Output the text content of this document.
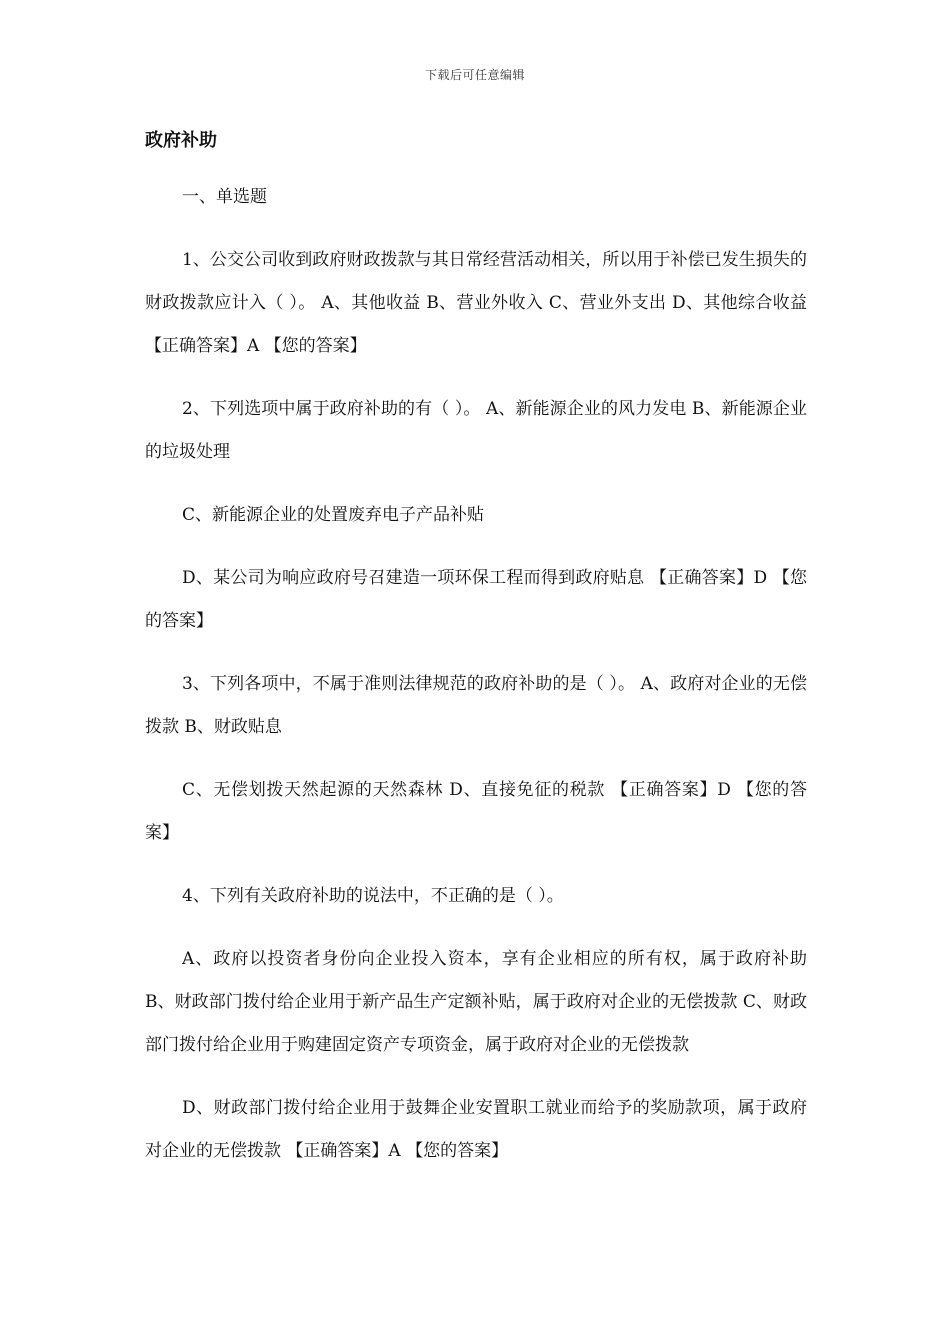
下载后可任意编辑
政府补助

一、单选题

1、公交公司收到政府财政拨款与其日常经营活动相关，所以用于补偿已发生损失的财政拨款应计入（ ）。 A、其他收益 B、营业外收入 C、营业外支出 D、其他综合收益 【正确答案】A 【您的答案】

2、下列选项中属于政府补助的有（ ）。 A、新能源企业的风力发电 B、新能源企业的垃圾处理

C、新能源企业的处置废弃电子产品补贴

D、某公司为响应政府号召建造一项环保工程而得到政府贴息 【正确答案】D 【您的答案】

3、下列各项中，不属于准则法律规范的政府补助的是（ ）。 A、政府对企业的无偿拨款 B、财政贴息

C、无偿划拨天然起源的天然森林 D、直接免征的税款 【正确答案】D 【您的答案】

4、下列有关政府补助的说法中，不正确的是（ ）。

A、政府以投资者身份向企业投入资本，享有企业相应的所有权，属于政府补助 B、财政部门拨付给企业用于新产品生产定额补贴，属于政府对企业的无偿拨款 C、财政部门拨付给企业用于购建固定资产专项资金，属于政府对企业的无偿拨款

D、财政部门拨付给企业用于鼓舞企业安置职工就业而给予的奖励款项，属于政府对企业的无偿拨款 【正确答案】A 【您的答案】
